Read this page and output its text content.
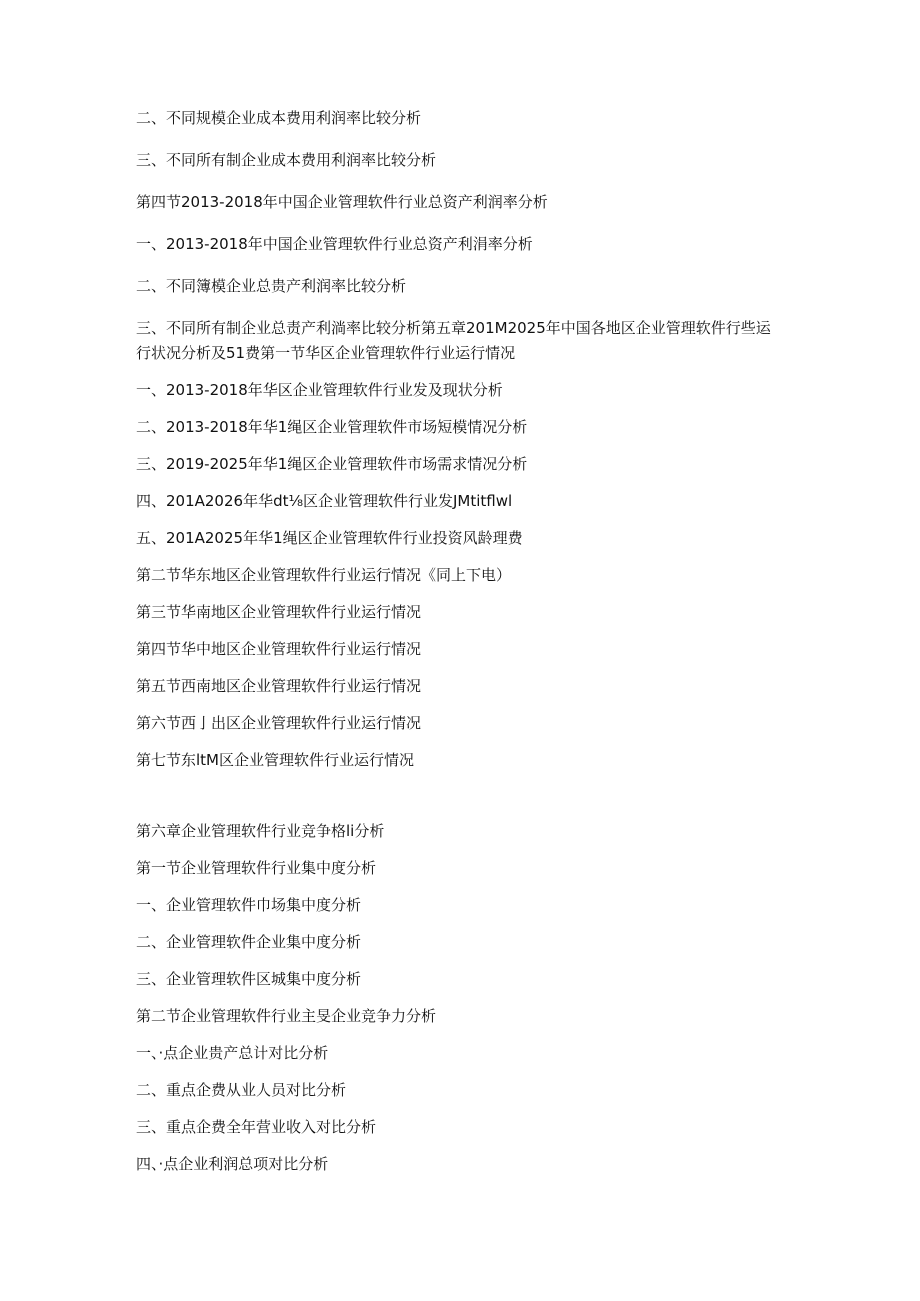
二、不同规模企业成本费用利润率比较分析
三、不同所有制企业成本费用利润率比较分析
第四节2013-2018年中国企业管理软件行业总资产利润率分析
一、2013-2018年中国企业管理软件行业总资产利涓率分析
二、不同簿模企业总贵产利润率比较分析
三、不同所有制企业总责产利淌率比较分析第五章201M2025年中国各地区企业管理软件行些运行状况分析及51费第一节华区企业管理软件行业运行情况
一、2013-2018年华区企业管理软件行业发及现状分析
二、2013-2018年华1绳区企业管理软件市场短模情况分析
三、2019-2025年华1绳区企业管理软件市场需求情况分析
四、201A2026年华dt¹⁄₈区企业管理软件行业发JMtitflwl
五、201A2025年华1绳区企业管理软件行业投资风龄理费
第二节华东地区企业管理软件行业运行情况《同上下电）
第三节华南地区企业管理软件行业运行情况
第四节华中地区企业管理软件行业运行情况
第五节西南地区企业管理软件行业运行情况
第六节西亅出区企业管理软件行业运行情况
第七节东ltM区企业管理软件行业运行情况
第六章企业管理软件行业竞争格li分析
第一节企业管理软件行业集中度分析
一、企业管理软件巾场集中度分析
二、企业管理软件企业集中度分析
三、企业管理软件区城集中度分析
第二节企业管理软件行业主旻企业竞争力分析
一、·点企业贵产总计对比分析
二、重点企费从业人员对比分析
三、重点企费全年营业收入对比分析
四、·点企业利润总项对比分析
